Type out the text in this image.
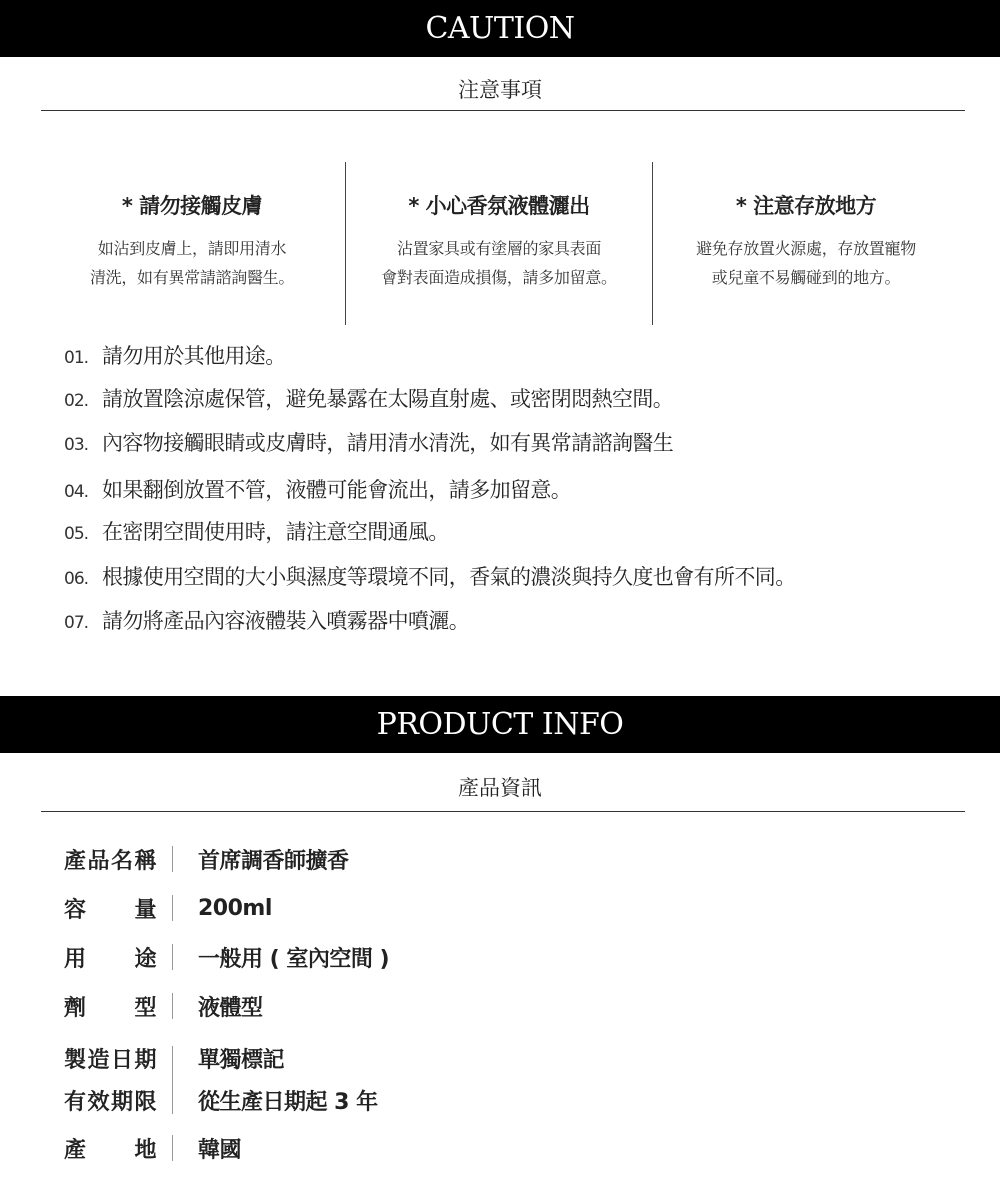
CAUTION
注意事項
* 請勿接觸皮膚
如沾到皮膚上，請即用清水
清洗，如有異常請諮詢醫生。
* 小心香氛液體灑出
沾置家具或有塗層的家具表面
會對表面造成損傷，請多加留意。
* 注意存放地方
避免存放置火源處，存放置寵物
或兒童不易觸碰到的地方。
01. 請勿用於其他用途。
02. 請放置陰涼處保管，避免暴露在太陽直射處、或密閉悶熱空間。
03. 內容物接觸眼睛或皮膚時，請用清水清洗，如有異常請諮詢醫生
04. 如果翻倒放置不管，液體可能會流出，請多加留意。
05. 在密閉空間使用時，請注意空間通風。
06. 根據使用空間的大小與濕度等環境不同，香氣的濃淡與持久度也會有所不同。
07. 請勿將產品內容液體裝入噴霧器中噴灑。
PRODUCT INFO
產品資訊
產品名稱 首席調香師擴香
容量 200ml
用途 一般用 ( 室內空間 )
劑型 液體型
製造日期 單獨標記
有效期限 從生產日期起 3 年
產地 韓國
